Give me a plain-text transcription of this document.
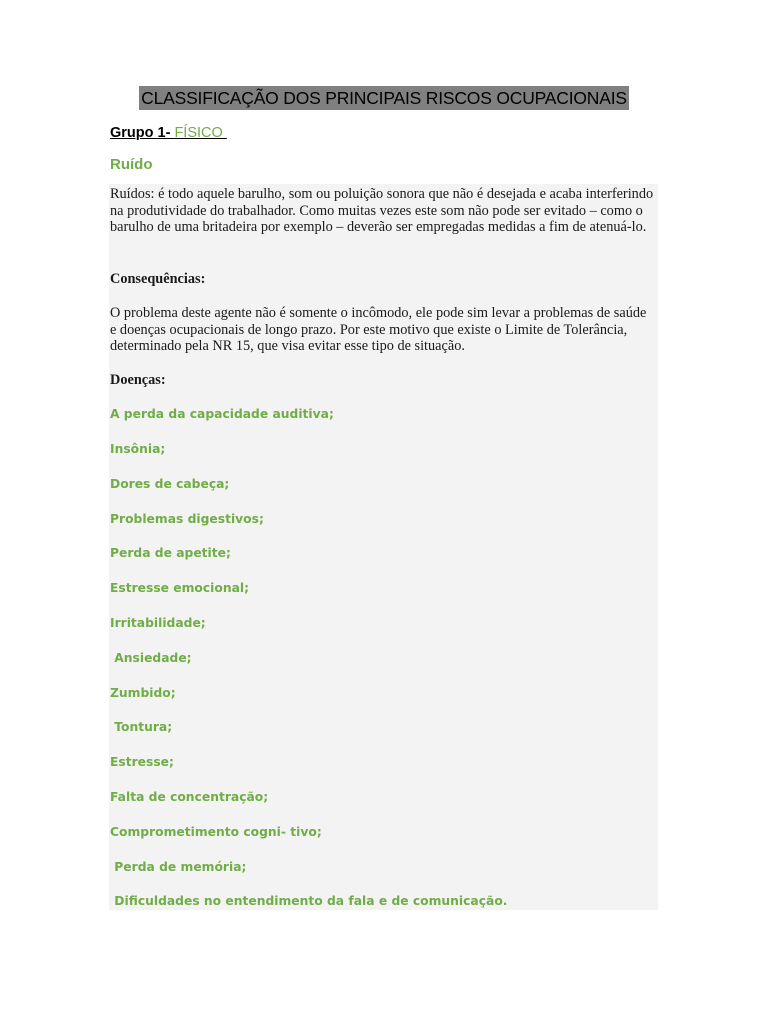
CLASSIFICAÇÃO DOS PRINCIPAIS RISCOS OCUPACIONAIS
Grupo 1- FÍSICO
Ruído

Ruídos: é todo aquele barulho, som ou poluição sonora que não é desejada e acaba interferindo na produtividade do trabalhador. Como muitas vezes este som não pode ser evitado – como o barulho de uma britadeira por exemplo – deverão ser empregadas medidas a fim de atenuá-lo.

Consequências:

O problema deste agente não é somente o incômodo, ele pode sim levar a problemas de saúde e doenças ocupacionais de longo prazo. Por este motivo que existe o Limite de Tolerância, determinado pela NR 15, que visa evitar esse tipo de situação.

Doenças:

A perda da capacidade auditiva;
Insônia;
Dores de cabeça;
Problemas digestivos;
Perda de apetite;
Estresse emocional;
Irritabilidade;
Ansiedade;
Zumbido;
Tontura;
Estresse;
Falta de concentração;
Comprometimento cogni- tivo;
Perda de memória;
Dificuldades no entendimento da fala e de comunicação.
